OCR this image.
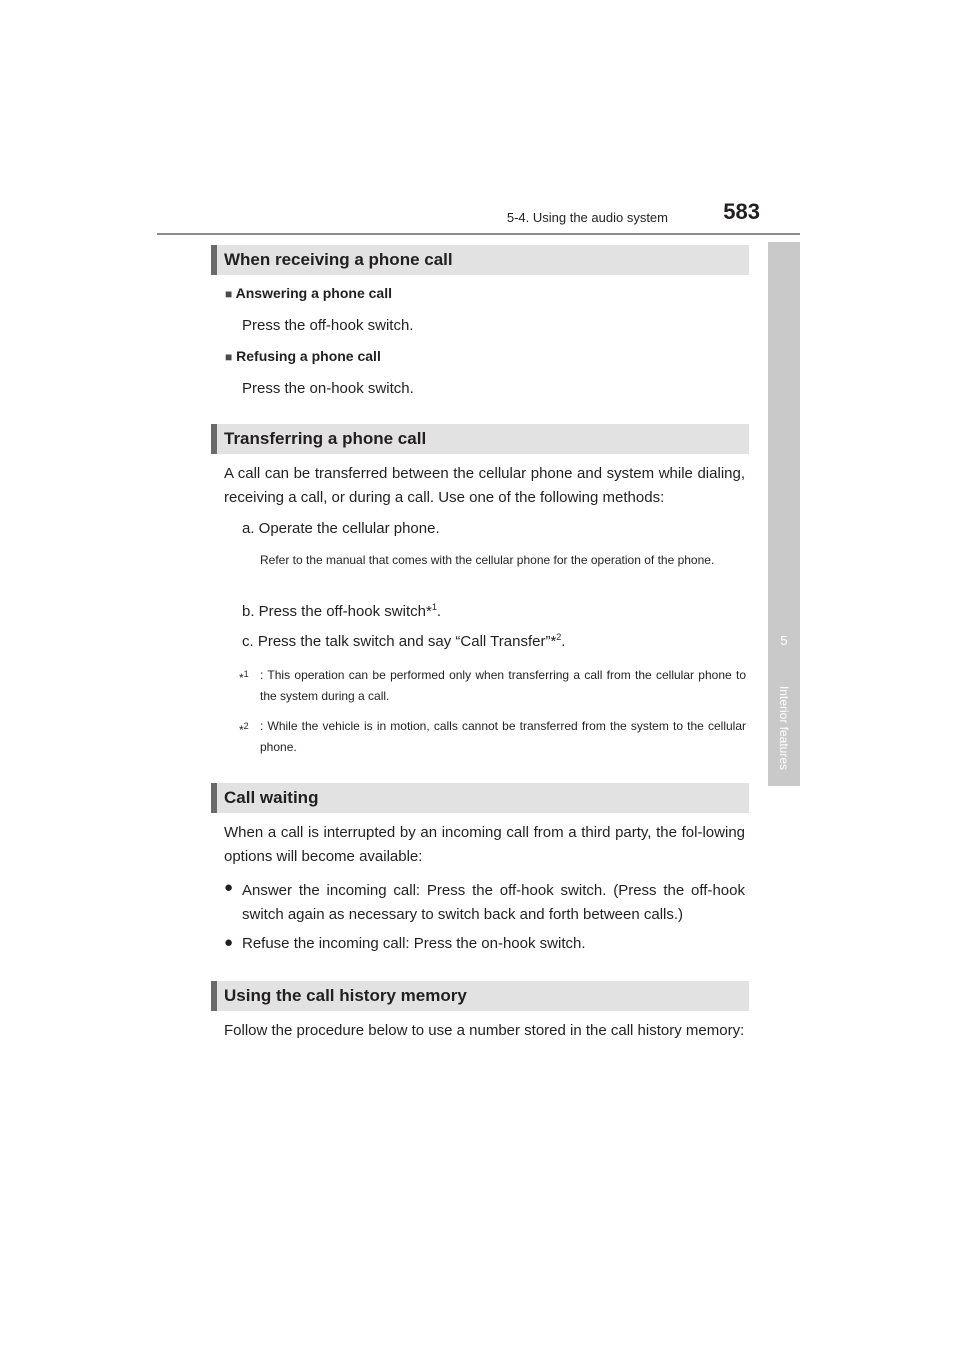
5-4. Using the audio system	583
5
Interior features
When receiving a phone call
■ Answering a phone call
Press the off-hook switch.
■ Refusing a phone call
Press the on-hook switch.
Transferring a phone call
A call can be transferred between the cellular phone and system while dialing, receiving a call, or during a call. Use one of the following methods:
a. Operate the cellular phone.
Refer to the manual that comes with the cellular phone for the operation of the phone.
b. Press the off-hook switch*$^1$.
c. Press the talk switch and say “Call Transfer”*$^2$.
*$^1$ : This operation can be performed only when transferring a call from the cellular phone to the system during a call.
*$^2$ : While the vehicle is in motion, calls cannot be transferred from the system to the cellular phone.
Call waiting
When a call is interrupted by an incoming call from a third party, the fol-lowing options will become available:
● Answer the incoming call: Press the off-hook switch. (Press the off-hook switch again as necessary to switch back and forth between calls.)
● Refuse the incoming call: Press the on-hook switch.
Using the call history memory
Follow the procedure below to use a number stored in the call history memory:
